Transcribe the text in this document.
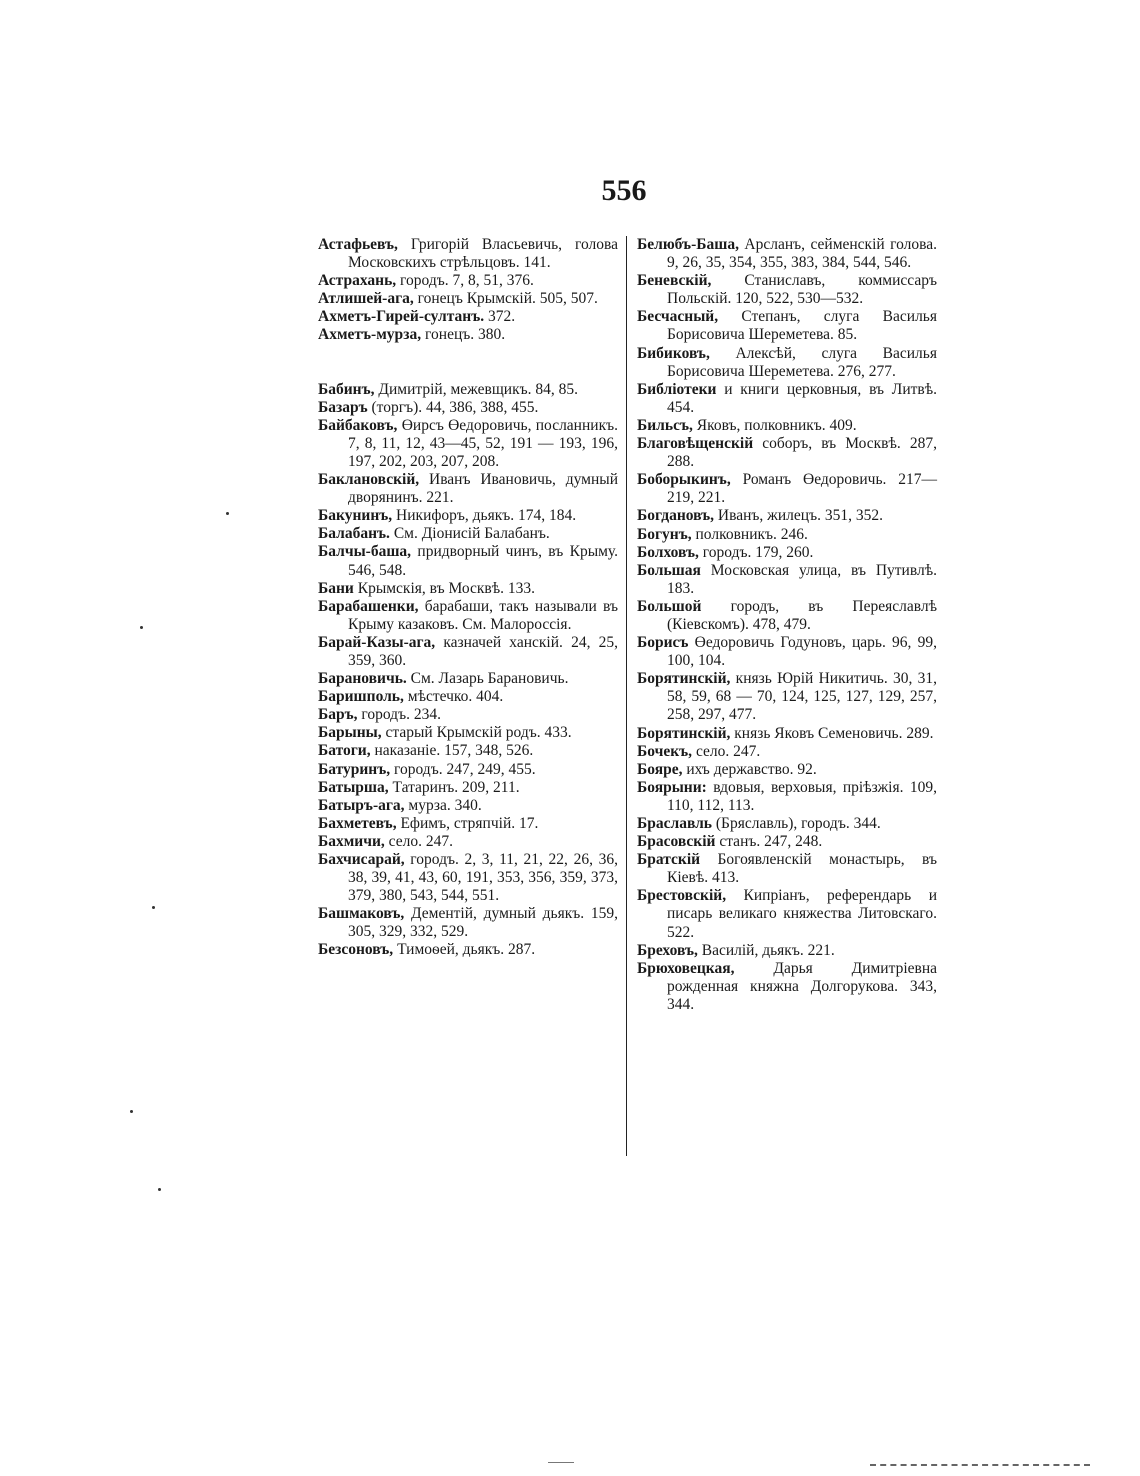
556
Астафьевъ, Григорій Власьевичь, голова Московскихъ стрѣльцовъ. 141.
Астрахань, городъ. 7, 8, 51, 376.
Атлишей-ага, гонецъ Крымскій. 505, 507.
Ахметъ-Гирей-султанъ. 372.
Ахметъ-мурза, гонецъ. 380.
Бабинъ, Димитрій, межевщикъ. 84, 85.
Базаръ (торгъ). 44, 386, 388, 455.
Байбаковъ, Өирсъ Өедоровичь, посланникъ. 7, 8, 11, 12, 43—45, 52, 191 — 193, 196, 197, 202, 203, 207, 208.
Баклановскій, Иванъ Ивановичь, думный дворянинъ. 221.
Бакунинъ, Никифоръ, дьякъ. 174, 184.
Балабанъ. См. Діонисій Балабанъ.
Балчы-баша, придворный чинъ, въ Крыму. 546, 548.
Бани Крымскія, въ Москвѣ. 133.
Барабашенки, барабаши, такъ называли въ Крыму казаковъ. См. Малороссія.
Барай-Казы-ага, казначей ханскій. 24, 25, 359, 360.
Барановичь. См. Лазарь Барановичь.
Баришполь, мѣстечко. 404.
Баръ, городъ. 234.
Барыны, старый Крымскій родъ. 433.
Батоги, наказаніе. 157, 348, 526.
Батуринъ, городъ. 247, 249, 455.
Батырша, Татаринъ. 209, 211.
Батыръ-ага, мурза. 340.
Бахметевъ, Ефимъ, стряпчій. 17.
Бахмичи, село. 247.
Бахчисарай, городъ. 2, 3, 11, 21, 22, 26, 36, 38, 39, 41, 43, 60, 191, 353, 356, 359, 373, 379, 380, 543, 544, 551.
Башмаковъ, Дементій, думный дьякъ. 159, 305, 329, 332, 529.
Безсоновъ, Тимоѳей, дьякъ. 287.
Белюбъ-Баша, Арсланъ, сейменскій голова. 9, 26, 35, 354, 355, 383, 384, 544, 546.
Беневскій, Станиславъ, коммиссаръ Польскій. 120, 522, 530—532.
Бесчасный, Степанъ, слуга Василья Борисовича Шереметева. 85.
Бибиковъ, Алексѣй, слуга Василья Борисовича Шереметева. 276, 277.
Библіотеки и книги церковныя, въ Литвѣ. 454.
Бильсъ, Яковъ, полковникъ. 409.
Благовѣщенскій соборъ, въ Москвѣ. 287, 288.
Боборыкинъ, Романъ Өедоровичь. 217—219, 221.
Богдановъ, Иванъ, жилецъ. 351, 352.
Богунъ, полковникъ. 246.
Болховъ, городъ. 179, 260.
Большая Московская улица, въ Путивлѣ. 183.
Большой городъ, въ Переяславлѣ (Кіевскомъ). 478, 479.
Борисъ Өедоровичь Годуновъ, царь. 96, 99, 100, 104.
Борятинскій, князь Юрій Никитичь. 30, 31, 58, 59, 68 — 70, 124, 125, 127, 129, 257, 258, 297, 477.
Борятинскій, князь Яковъ Семеновичь. 289.
Бочекъ, село. 247.
Бояре, ихъ державство. 92.
Боярыни: вдовыя, верховыя, пріѣзжія. 109, 110, 112, 113.
Браславль (Бряславль), городъ. 344.
Брасовскій станъ. 247, 248.
Братскій Богоявленскій монастырь, въ Кіевѣ. 413.
Брестовскій, Кипріанъ, референдарь и писарь великаго княжества Литовскаго. 522.
Бреховъ, Василій, дьякъ. 221.
Брюховецкая, Дарья Димитріевна рожденная княжна Долгорукова. 343, 344.
